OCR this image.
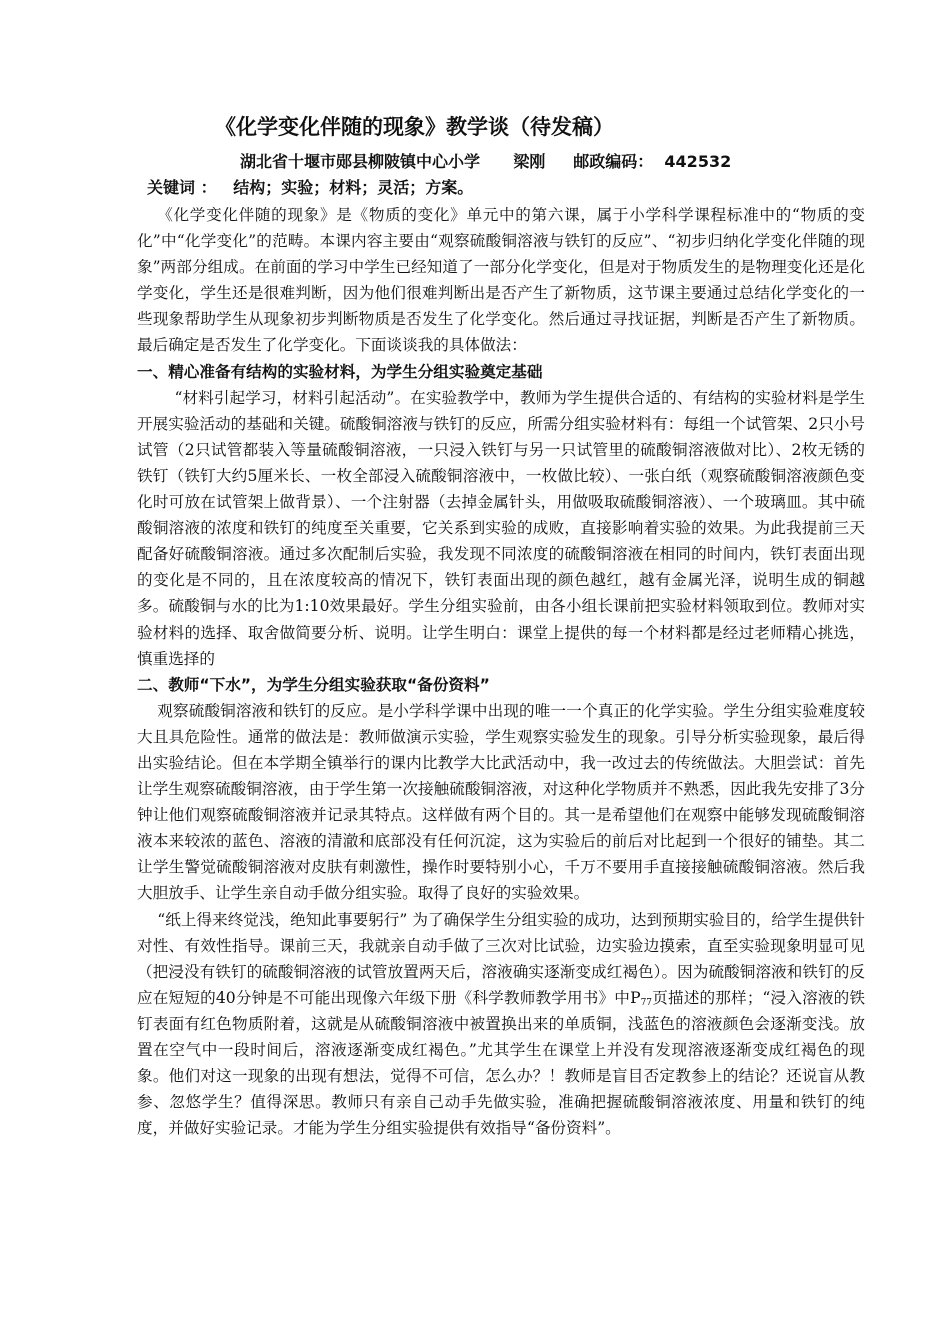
《化学变化伴随的现象》教学谈（待发稿）
湖北省十堰市郧县柳陂镇中心小学      梁刚     邮政编码：  442532
关键词 ：   结构；实验；材料；灵活；方案。

《化学变化伴随的现象》是《物质的变化》单元中的第六课，属于小学科学课程标准中的“物质的变化”中“化学变化”的范畴。本课内容主要由“观察硫酸铜溶液与铁钉的反应”、“初步归纳化学变化伴随的现象”两部分组成。在前面的学习中学生已经知道了一部分化学变化，但是对于物质发生的是物理变化还是化学变化，学生还是很难判断，因为他们很难判断出是否产生了新物质，这节课主要通过总结化学变化的一些现象帮助学生从现象初步判断物质是否发生了化学变化。然后通过寻找证据，判断是否产生了新物质。最后确定是否发生了化学变化。下面谈谈我的具体做法：

一、精心准备有结构的实验材料，为学生分组实验奠定基础

“材料引起学习，材料引起活动”。在实验教学中，教师为学生提供合适的、有结构的实验材料是学生开展实验活动的基础和关键。硫酸铜溶液与铁钉的反应，所需分组实验材料有：每组一个试管架、2只小号试管（2只试管都装入等量硫酸铜溶液，一只浸入铁钉与另一只试管里的硫酸铜溶液做对比）、2枚无锈的铁钉（铁钉大约5厘米长、一枚全部浸入硫酸铜溶液中，一枚做比较）、一张白纸（观察硫酸铜溶液颜色变化时可放在试管架上做背景）、一个注射器（去掉金属针头，用做吸取硫酸铜溶液）、一个玻璃皿。其中硫酸铜溶液的浓度和铁钉的纯度至关重要，它关系到实验的成败，直接影响着实验的效果。为此我提前三天配备好硫酸铜溶液。通过多次配制后实验，我发现不同浓度的硫酸铜溶液在相同的时间内，铁钉表面出现的变化是不同的，且在浓度较高的情况下，铁钉表面出现的颜色越红，越有金属光泽，说明生成的铜越多。硫酸铜与水的比为1:10效果最好。学生分组实验前，由各小组长课前把实验材料领取到位。教师对实验材料的选择、取舍做简要分析、说明。让学生明白：课堂上提供的每一个材料都是经过老师精心挑选，慎重选择的

二、教师“下水”，为学生分组实验获取“备份资料”

观察硫酸铜溶液和铁钉的反应。是小学科学课中出现的唯一一个真正的化学实验。学生分组实验难度较大且具危险性。通常的做法是：教师做演示实验，学生观察实验发生的现象。引导分析实验现象，最后得出实验结论。但在本学期全镇举行的课内比教学大比武活动中，我一改过去的传统做法。大胆尝试：首先让学生观察硫酸铜溶液，由于学生第一次接触硫酸铜溶液，对这种化学物质并不熟悉，因此我先安排了3分钟让他们观察硫酸铜溶液并记录其特点。这样做有两个目的。其一是希望他们在观察中能够发现硫酸铜溶液本来较浓的蓝色、溶液的清澈和底部没有任何沉淀，这为实验后的前后对比起到一个很好的铺垫。其二让学生警觉硫酸铜溶液对皮肤有刺激性，操作时要特别小心，千万不要用手直接接触硫酸铜溶液。然后我大胆放手、让学生亲自动手做分组实验。取得了良好的实验效果。

“纸上得来终觉浅，绝知此事要躬行” 为了确保学生分组实验的成功，达到预期实验目的，给学生提供针对性、有效性指导。课前三天，我就亲自动手做了三次对比试验，边实验边摸索，直至实验现象明显可见（把浸没有铁钉的硫酸铜溶液的试管放置两天后，溶液确实逐渐变成红褐色）。因为硫酸铜溶液和铁钉的反应在短短的40分钟是不可能出现像六年级下册《科学教师教学用书》中$P_{77}$页描述的那样；“浸入溶液的铁钉表面有红色物质附着，这就是从硫酸铜溶液中被置换出来的单质铜，浅蓝色的溶液颜色会逐渐变浅。放置在空气中一段时间后，溶液逐渐变成红褐色。”尤其学生在课堂上并没有发现溶液逐渐变成红褐色的现象。他们对这一现象的出现有想法，觉得不可信，怎么办？！教师是盲目否定教参上的结论？还说盲从教参、忽悠学生？值得深思。教师只有亲自己动手先做实验，准确把握硫酸铜溶液浓度、用量和铁钉的纯度，并做好实验记录。才能为学生分组实验提供有效指导“备份资料”。
